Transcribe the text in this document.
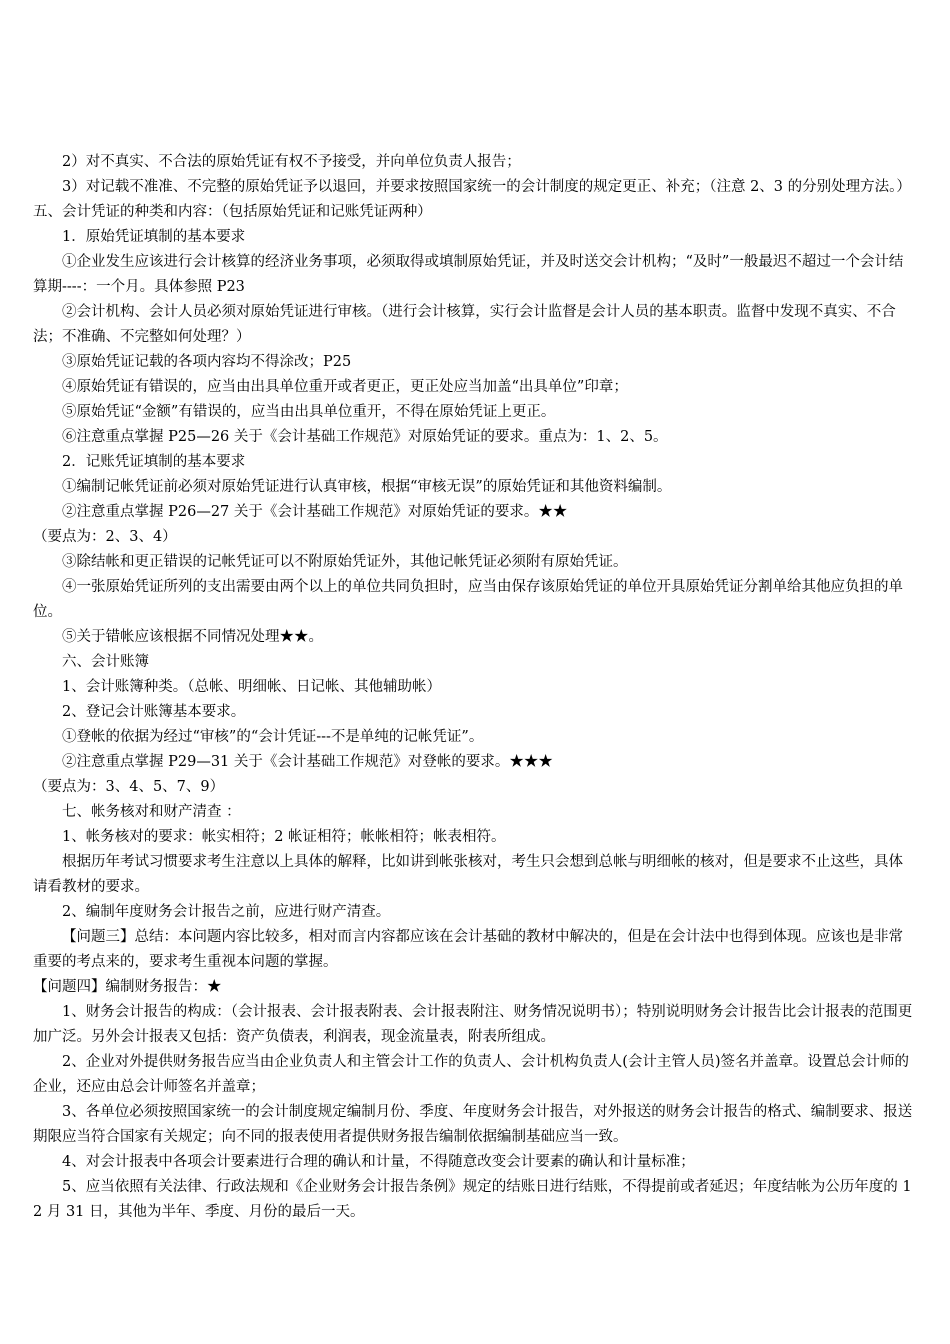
2）对不真实、不合法的原始凭证有权不予接受，并向单位负责人报告；

3）对记载不准准、不完整的原始凭证予以退回，并要求按照国家统一的会计制度的规定更正、补充；（注意 2、3 的分别处理方法。）五、会计凭证的种类和内容：（包括原始凭证和记账凭证两种）

1．原始凭证填制的基本要求

①企业发生应该进行会计核算的经济业务事项，必须取得或填制原始凭证，并及时送交会计机构；“及时”一般最迟不超过一个会计结算期----：一个月。具体参照 P23

②会计机构、会计人员必须对原始凭证进行审核。（进行会计核算，实行会计监督是会计人员的基本职责。监督中发现不真实、不合法；不准确、不完整如何处理？）

③原始凭证记载的各项内容均不得涂改；P25

④原始凭证有错误的，应当由出具单位重开或者更正，更正处应当加盖“出具单位”印章；

⑤原始凭证“金额”有错误的，应当由出具单位重开，不得在原始凭证上更正。

⑥注意重点掌握 P25—26 关于《会计基础工作规范》对原始凭证的要求。重点为：1、2、5。

2．记账凭证填制的基本要求

①编制记帐凭证前必须对原始凭证进行认真审核，根据“审核无误”的原始凭证和其他资料编制。

②注意重点掌握 P26—27 关于《会计基础工作规范》对原始凭证的要求。★★

（要点为：2、3、4）

③除结帐和更正错误的记帐凭证可以不附原始凭证外，其他记帐凭证必须附有原始凭证。

④一张原始凭证所列的支出需要由两个以上的单位共同负担时，应当由保存该原始凭证的单位开具原始凭证分割单给其他应负担的单位。

⑤关于错帐应该根据不同情况处理★★。

六、会计账簿

1、会计账簿种类。（总帐、明细帐、日记帐、其他辅助帐）

2、登记会计账簿基本要求。

①登帐的依据为经过“审核”的“会计凭证---不是单纯的记帐凭证”。

②注意重点掌握 P29—31 关于《会计基础工作规范》对登帐的要求。★★★

（要点为：3、4、5、7、9）

七、帐务核对和财产清查 ：

1、帐务核对的要求：帐实相符；2 帐证相符；帐帐相符；帐表相符。

根据历年考试习惯要求考生注意以上具体的解释，比如讲到帐张核对，考生只会想到总帐与明细帐的核对，但是要求不止这些，具体请看教材的要求。

2、编制年度财务会计报告之前，应进行财产清查。

【问题三】总结：本问题内容比较多，相对而言内容都应该在会计基础的教材中解决的，但是在会计法中也得到体现。应该也是非常重要的考点来的，要求考生重视本问题的掌握。

【问题四】编制财务报告：★

1、财务会计报告的构成：（会计报表、会计报表附表、会计报表附注、财务情况说明书）；特别说明财务会计报告比会计报表的范围更加广泛。另外会计报表又包括：资产负债表，利润表，现金流量表，附表所组成。

2、企业对外提供财务报告应当由企业负责人和主管会计工作的负责人、会计机构负责人(会计主管人员)签名并盖章。设置总会计师的企业，还应由总会计师签名并盖章；

3、各单位必须按照国家统一的会计制度规定编制月份、季度、年度财务会计报告，对外报送的财务会计报告的格式、编制要求、报送期限应当符合国家有关规定；向不同的报表使用者提供财务报告编制依据编制基础应当一致。

4、对会计报表中各项会计要素进行合理的确认和计量，不得随意改变会计要素的确认和计量标准；

5、应当依照有关法律、行政法规和《企业财务会计报告条例》规定的结账日进行结账，不得提前或者延迟；年度结帐为公历年度的 12 月 31 日，其他为半年、季度、月份的最后一天。
